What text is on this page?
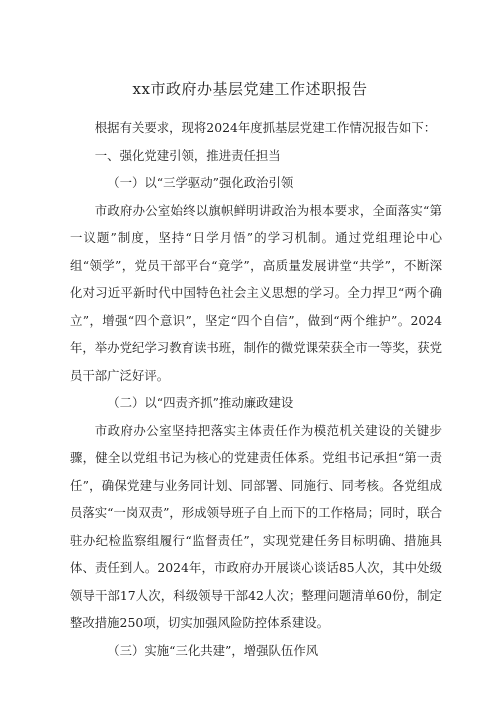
xx市政府办基层党建工作述职报告

根据有关要求，现将2024年度抓基层党建工作情况报告如下：

一、强化党建引领，推进责任担当

（一）以“三学驱动”强化政治引领

市政府办公室始终以旗帜鲜明讲政治为根本要求，全面落实“第一议题”制度，坚持“日学月悟”的学习机制。通过党组理论中心组“领学”，党员干部平台“竟学”，高质量发展讲堂“共学”，不断深化对习近平新时代中国特色社会主义思想的学习。全力捍卫“两个确立”，增强“四个意识”，坚定“四个自信”，做到“两个维护”。2024年，举办党纪学习教育读书班，制作的微党课荣获全市一等奖，获党员干部广泛好评。

（二）以“四责齐抓”推动廉政建设

市政府办公室坚持把落实主体责任作为模范机关建设的关键步骤，健全以党组书记为核心的党建责任体系。党组书记承担“第一责任”，确保党建与业务同计划、同部署、同施行、同考核。各党组成员落实“一岗双责”，形成领导班子自上而下的工作格局；同时，联合驻办纪检监察组履行“监督责任”，实现党建任务目标明确、措施具体、责任到人。2024年，市政府办开展谈心谈话85人次，其中处级领导干部17人次，科级领导干部42人次；整理问题清单60份，制定整改措施250项，切实加强风险防控体系建设。

（三）实施“三化共建”，增强队伍作风
